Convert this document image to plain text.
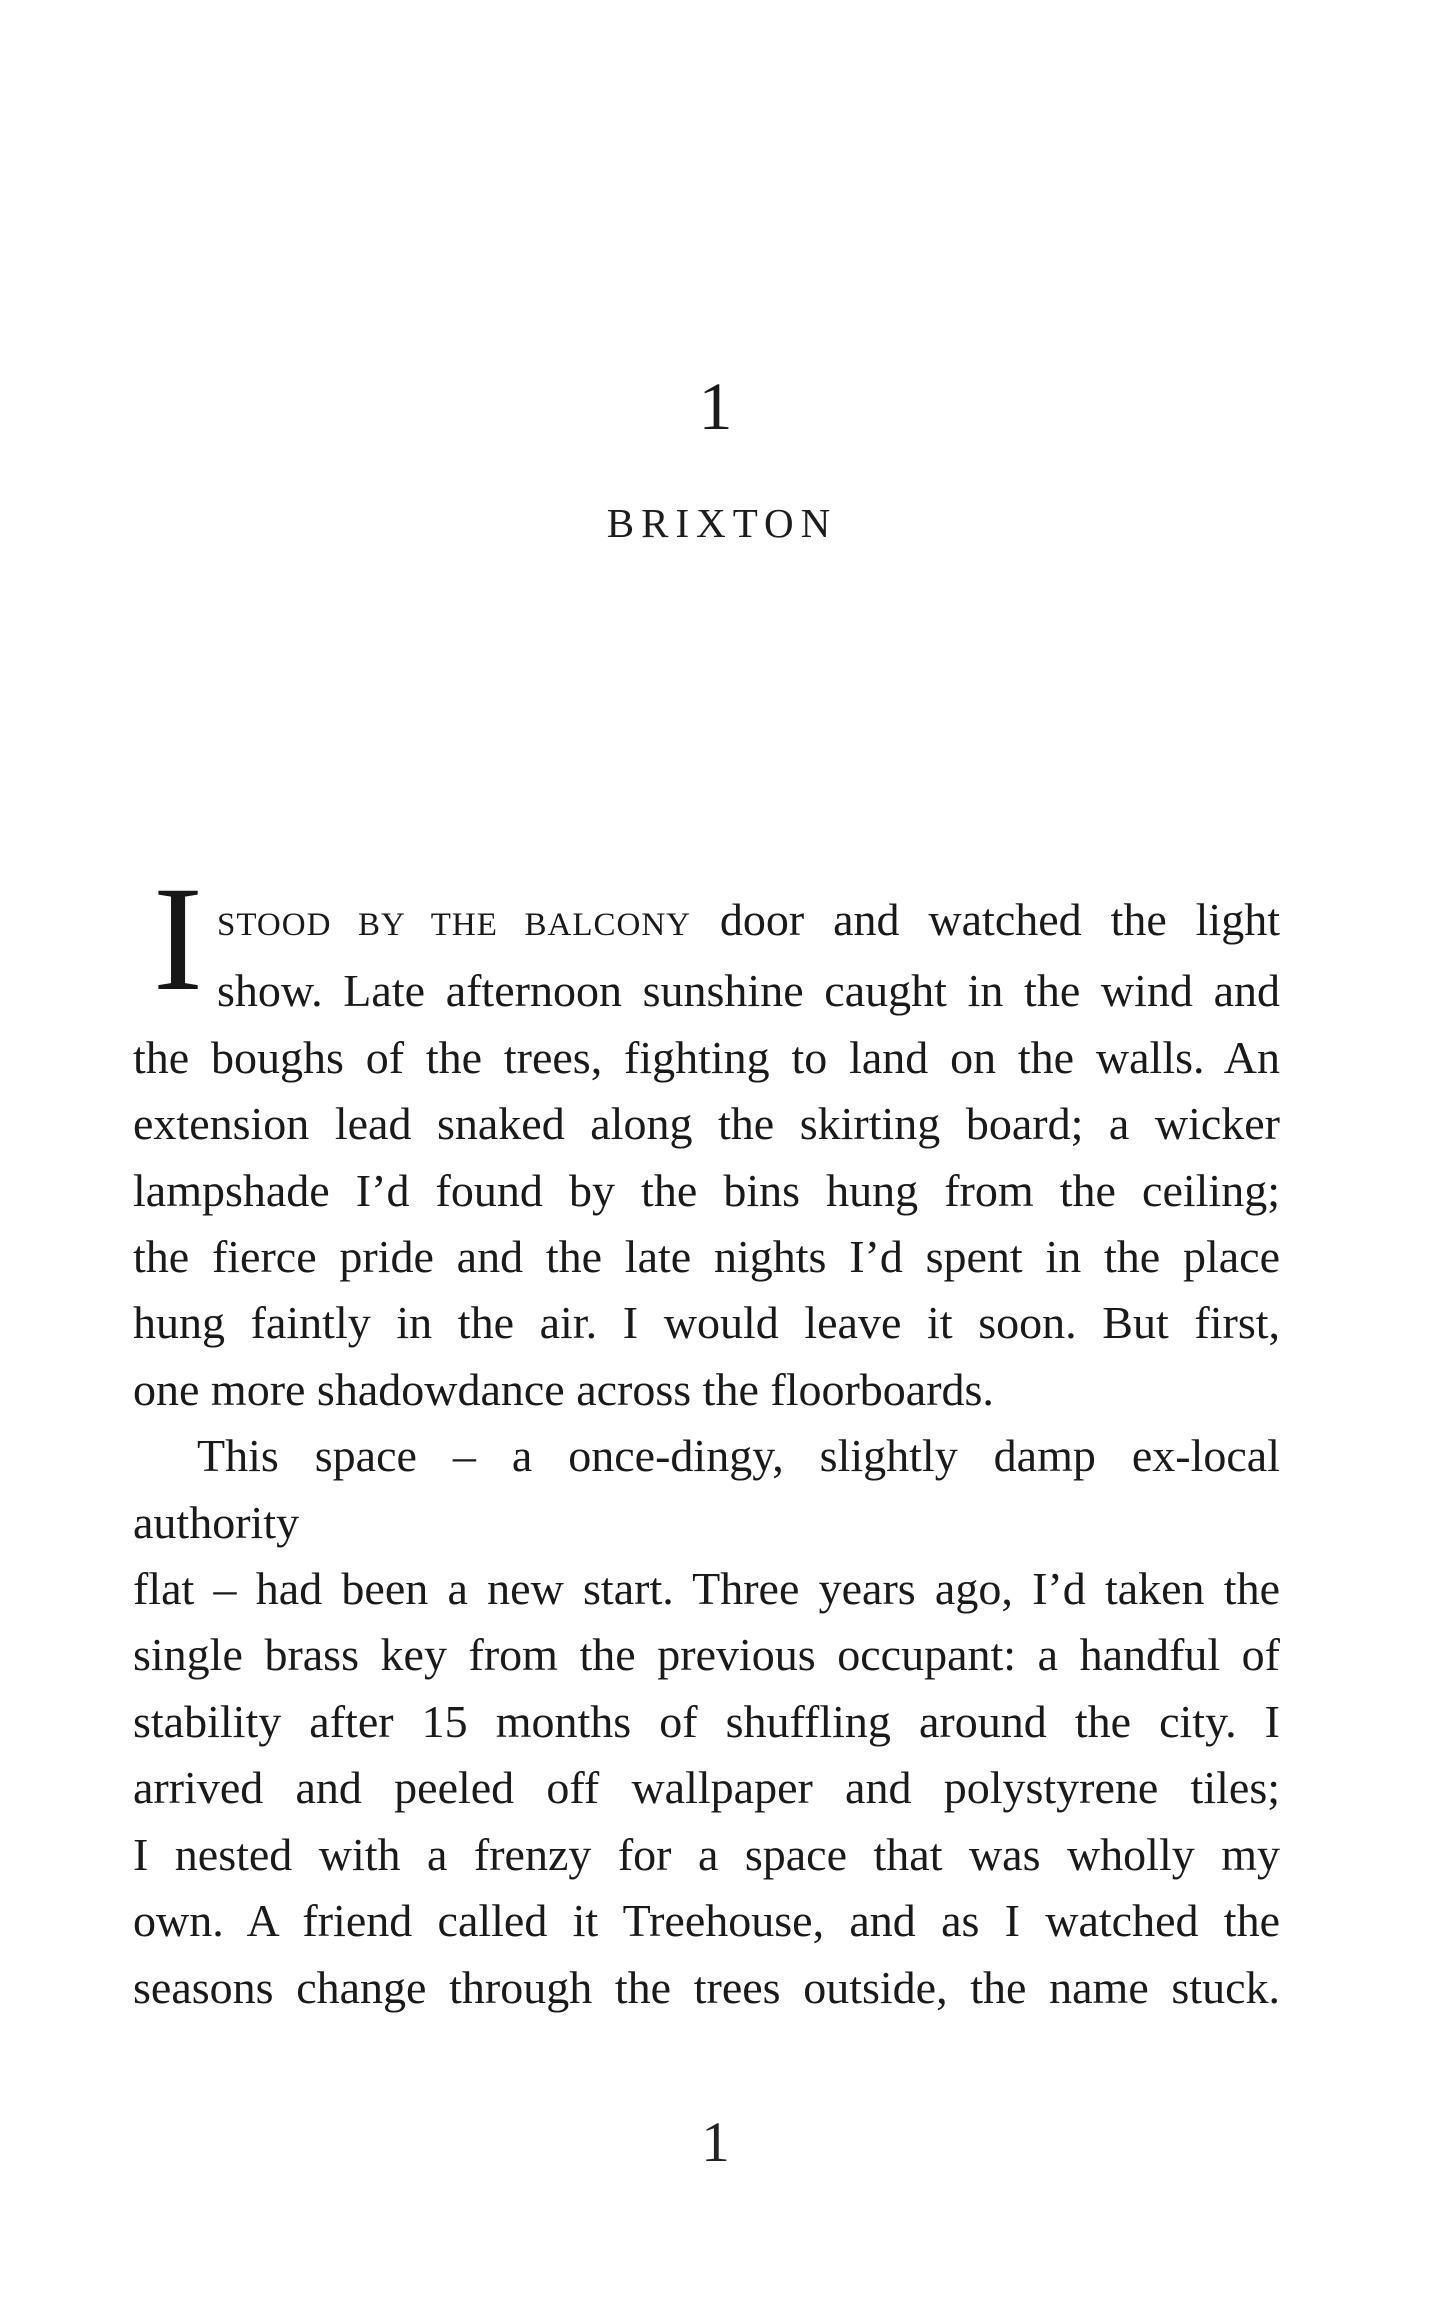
1
BRIXTON
I STOOD BY THE BALCONY door and watched the light
show. Late afternoon sunshine caught in the wind and
the boughs of the trees, fighting to land on the walls. An
extension lead snaked along the skirting board; a wicker
lampshade I’d found by the bins hung from the ceiling;
the fierce pride and the late nights I’d spent in the place
hung faintly in the air. I would leave it soon. But first,
one more shadowdance across the floorboards.
This space – a once-dingy, slightly damp ex-local authority
flat – had been a new start. Three years ago, I’d taken the
single brass key from the previous occupant: a handful of
stability after 15 months of shuffling around the city. I
arrived and peeled off wallpaper and polystyrene tiles;
I nested with a frenzy for a space that was wholly my
own. A friend called it Treehouse, and as I watched the
seasons change through the trees outside, the name stuck.
1
